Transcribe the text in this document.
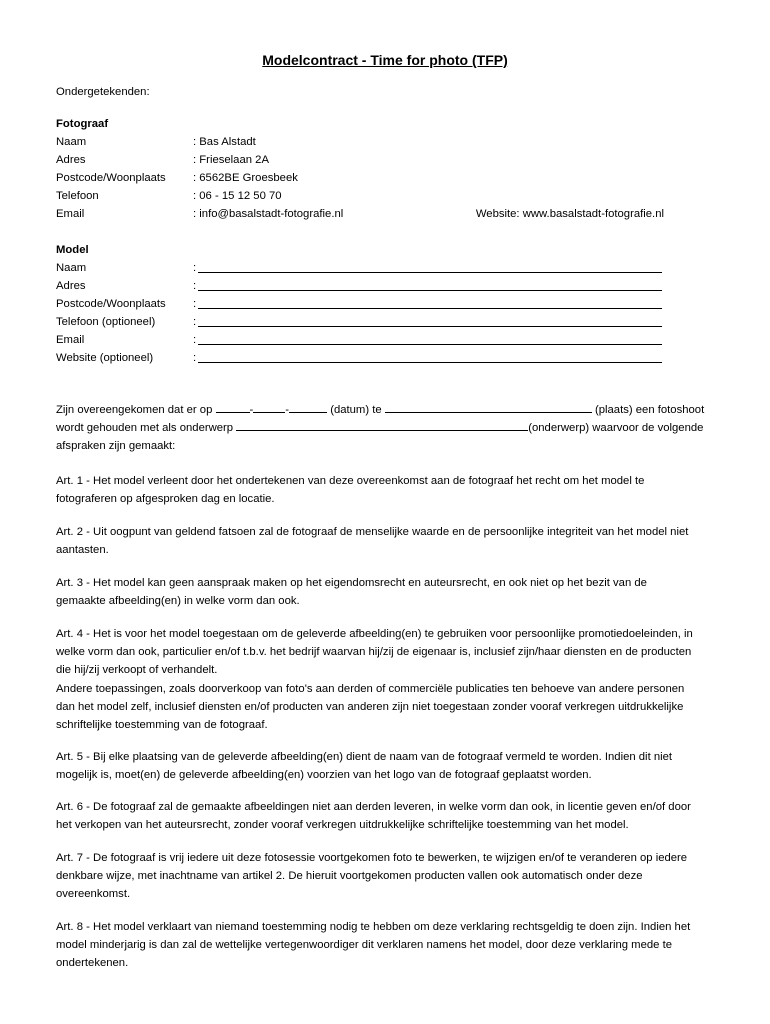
Modelcontract - Time for photo (TFP)
Ondergetekenden:
Fotograaf
Naam	: Bas Alstadt
Adres	: Frieselaan 2A
Postcode/Woonplaats : 6562BE Groesbeek
Telefoon	: 06 - 15 12 50 70
Email	: info@basalstadt-fotografie.nl	Website: www.basalstadt-fotografie.nl
Model
Naam	:
Adres	:
Postcode/Woonplaats :
Telefoon (optioneel)	:
Email	:
Website (optioneel)	:
Zijn overeengekomen dat er op	-	-	(datum) te	(plaats) een fotoshoot
wordt gehouden met als onderwerp	(onderwerp) waarvoor de volgende
afspraken zijn gemaakt:
Art. 1 - Het model verleent door het ondertekenen van deze overeenkomst aan de fotograaf het recht om het model te
fotograferen op afgesproken dag en locatie.
Art. 2 - Uit oogpunt van geldend fatsoen zal de fotograaf de menselijke waarde en de persoonlijke integriteit van het model niet
aantasten.
Art. 3 - Het model kan geen aanspraak maken op het eigendomsrecht en auteursrecht, en ook niet op het bezit van de
gemaakte afbeelding(en) in welke vorm dan ook.
Art. 4 - Het is voor het model toegestaan om de geleverde afbeelding(en) te gebruiken voor persoonlijke promotiedoeleinden, in
welke vorm dan ook, particulier en/of t.b.v. het bedrijf waarvan hij/zij de eigenaar is, inclusief zijn/haar diensten en de producten
die hij/zij verkoopt of verhandelt.
Andere toepassingen, zoals doorverkoop van foto's aan derden of commerciële publicaties ten behoeve van andere personen
dan het model zelf, inclusief diensten en/of producten van anderen zijn niet toegestaan zonder vooraf verkregen uitdrukkelijke
schriftelijke toestemming van de fotograaf.
Art. 5 - Bij elke plaatsing van de geleverde afbeelding(en) dient de naam van de fotograaf vermeld te worden. Indien dit niet
mogelijk is, moet(en) de geleverde afbeelding(en) voorzien van het logo van de fotograaf geplaatst worden.
Art. 6 - De fotograaf zal de gemaakte afbeeldingen niet aan derden leveren, in welke vorm dan ook, in licentie geven en/of door
het verkopen van het auteursrecht, zonder vooraf verkregen uitdrukkelijke schriftelijke toestemming van het model.
Art. 7 - De fotograaf is vrij iedere uit deze fotosessie voortgekomen foto te bewerken, te wijzigen en/of te veranderen op iedere
denkbare wijze, met inachtname van artikel 2. De hieruit voortgekomen producten vallen ook automatisch onder deze
overeenkomst.
Art. 8 - Het model verklaart van niemand toestemming nodig te hebben om deze verklaring rechtsgeldig te doen zijn. Indien het
model minderjarig is dan zal de wettelijke vertegenwoordiger dit verklaren namens het model, door deze verklaring mede te
ondertekenen.
